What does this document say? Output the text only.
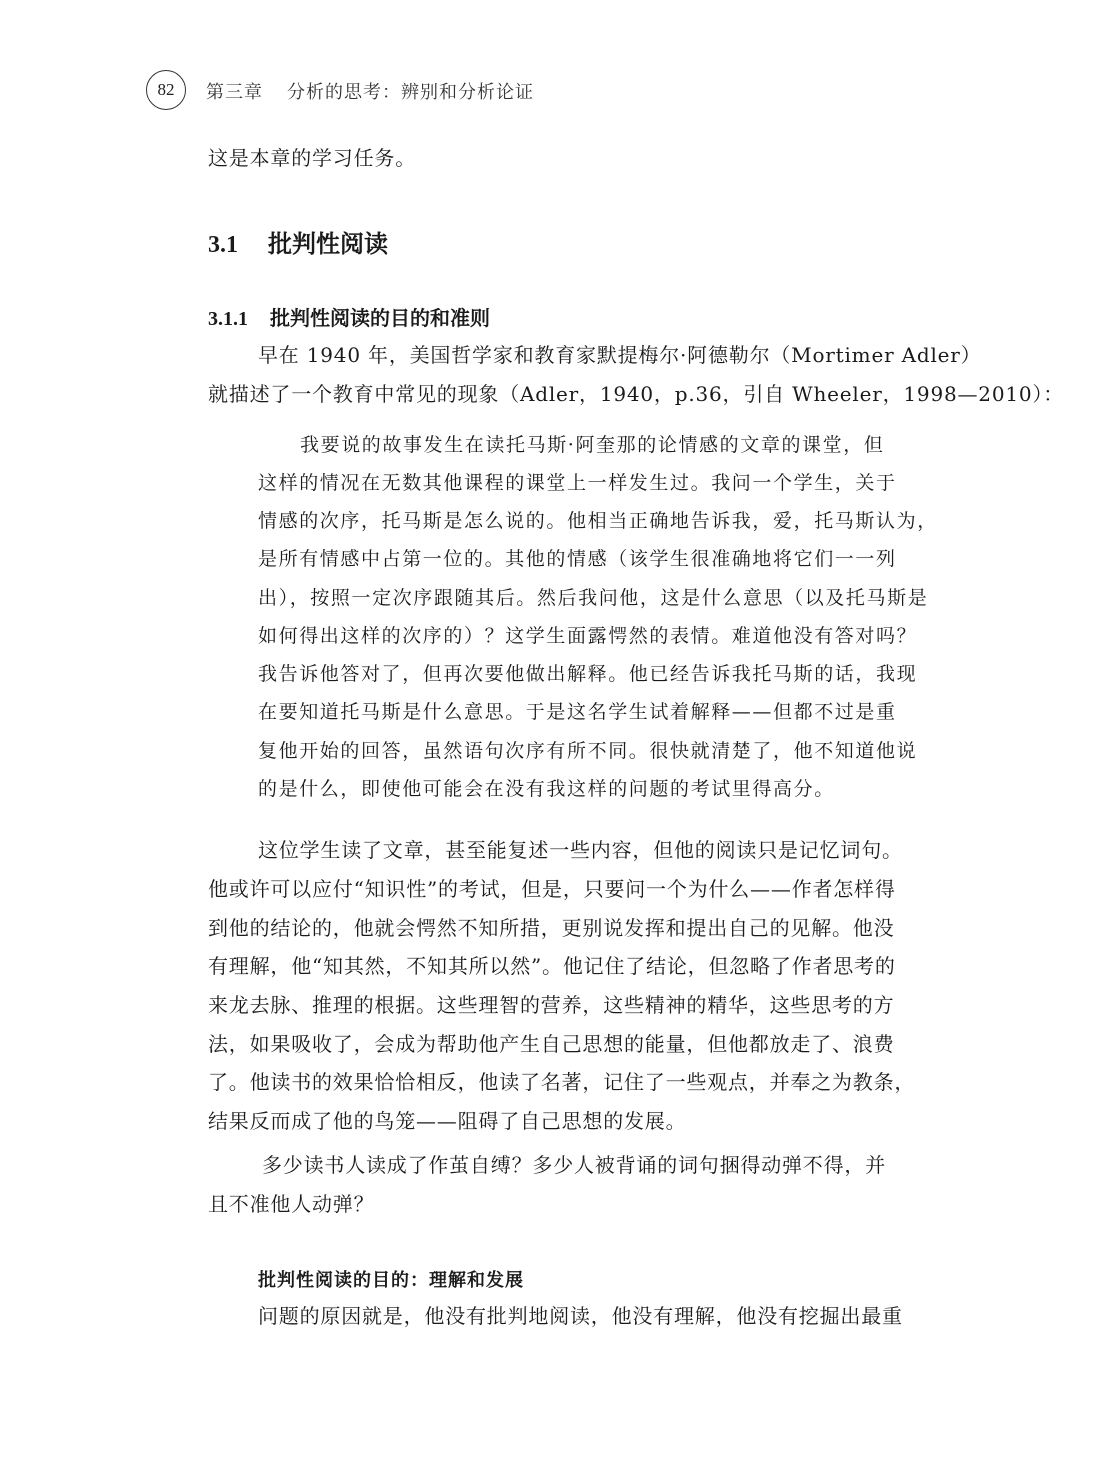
82	第三章 分析的思考：辨别和分析论证
这是本章的学习任务。
3.1 批判性阅读
3.1.1 批判性阅读的目的和准则
早在 1940 年，美国哲学家和教育家默提梅尔·阿德勒尔（Mortimer Adler）
就描述了一个教育中常见的现象（Adler，1940，p.36，引自 Wheeler，1998—2010）：
我要说的故事发生在读托马斯·阿奎那的论情感的文章的课堂，但
这样的情况在无数其他课程的课堂上一样发生过。我问一个学生，关于
情感的次序，托马斯是怎么说的。他相当正确地告诉我，爱，托马斯认为，
是所有情感中占第一位的。其他的情感（该学生很准确地将它们一一列
出），按照一定次序跟随其后。然后我问他，这是什么意思（以及托马斯是
如何得出这样的次序的）？这学生面露愕然的表情。难道他没有答对吗？
我告诉他答对了，但再次要他做出解释。他已经告诉我托马斯的话，我现
在要知道托马斯是什么意思。于是这名学生试着解释——但都不过是重
复他开始的回答，虽然语句次序有所不同。很快就清楚了，他不知道他说
的是什么，即使他可能会在没有我这样的问题的考试里得高分。
这位学生读了文章，甚至能复述一些内容，但他的阅读只是记忆词句。
他或许可以应付“知识性”的考试，但是，只要问一个为什么——作者怎样得
到他的结论的，他就会愕然不知所措，更别说发挥和提出自己的见解。他没
有理解，他“知其然，不知其所以然”。他记住了结论，但忽略了作者思考的
来龙去脉、推理的根据。这些理智的营养，这些精神的精华，这些思考的方
法，如果吸收了，会成为帮助他产生自己思想的能量，但他都放走了、浪费
了。他读书的效果恰恰相反，他读了名著，记住了一些观点，并奉之为教条，
结果反而成了他的鸟笼——阻碍了自己思想的发展。
多少读书人读成了作茧自缚？多少人被背诵的词句捆得动弹不得，并
且不准他人动弹？
批判性阅读的目的：理解和发展
问题的原因就是，他没有批判地阅读，他没有理解，他没有挖掘出最重
